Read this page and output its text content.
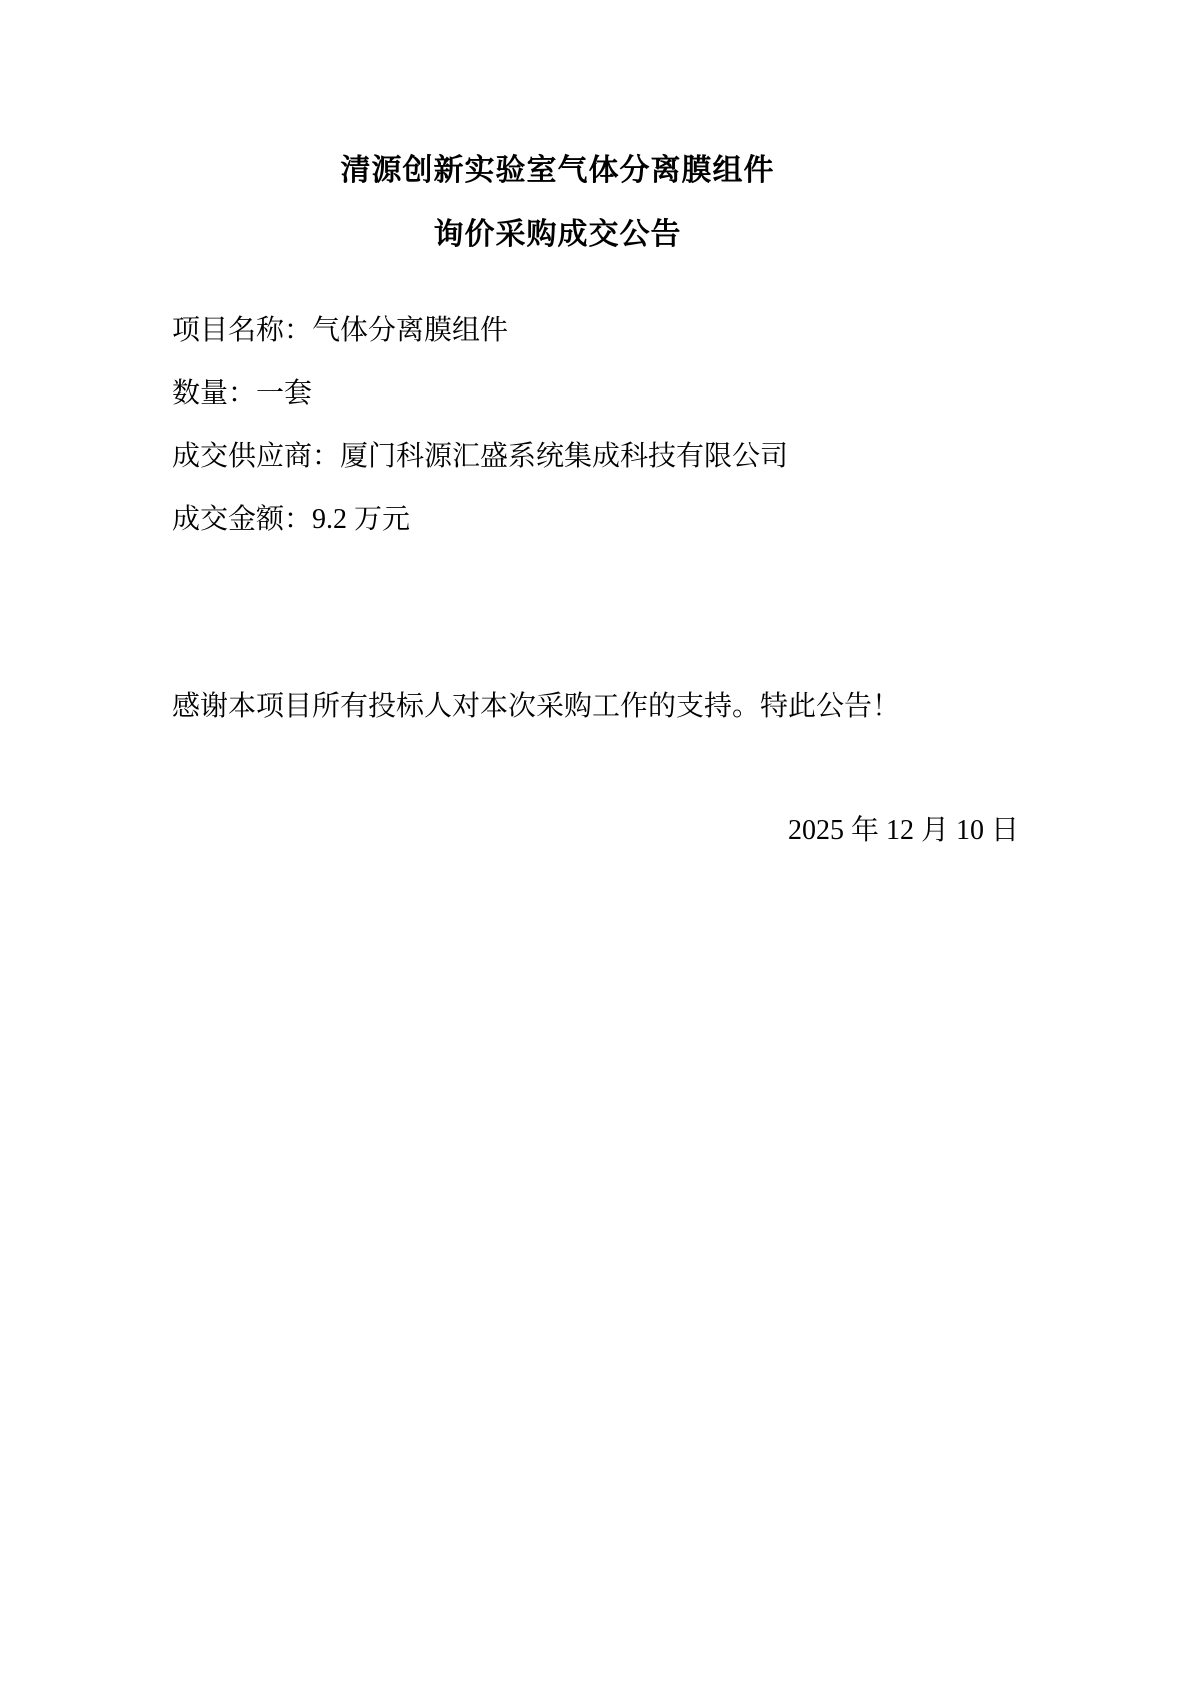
清源创新实验室气体分离膜组件

询价采购成交公告

项目名称：气体分离膜组件

数量：一套

成交供应商：厦门科源汇盛系统集成科技有限公司

成交金额：9.2 万元

感谢本项目所有投标人对本次采购工作的支持。特此公告！

2025 年 12 月 10 日
